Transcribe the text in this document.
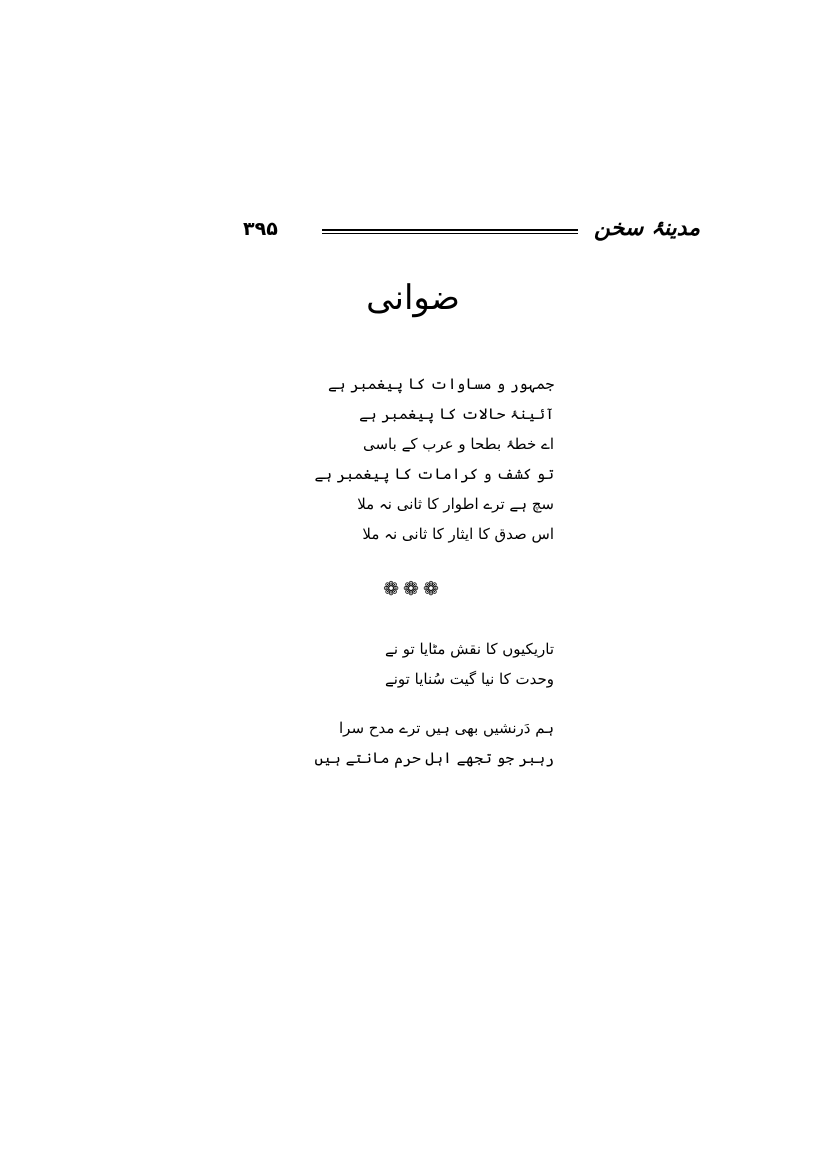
۳۹۵	مدینۂ سخن
ضوانی
جمہور و مساوات کا پیغمبر ہے
آئینۂ حالات کا پیغمبر ہے
اے خطۂ بطحا و عرب کے باسی
تو کشف و کرامات کا پیغمبر ہے
سچ ہے ترے اطوار کا ثانی نہ ملا
اس صدق کا ایثار کا ثانی نہ ملا
❁❁❁
تاریکیوں کا نقش مٹایا تو نے
وحدت کا نیا گیت سُنایا تونے
ہم دَرنشیں بھی ہیں ترے مدح سرا
رہبر جو تجھے اہل حرم مانتے ہیں
